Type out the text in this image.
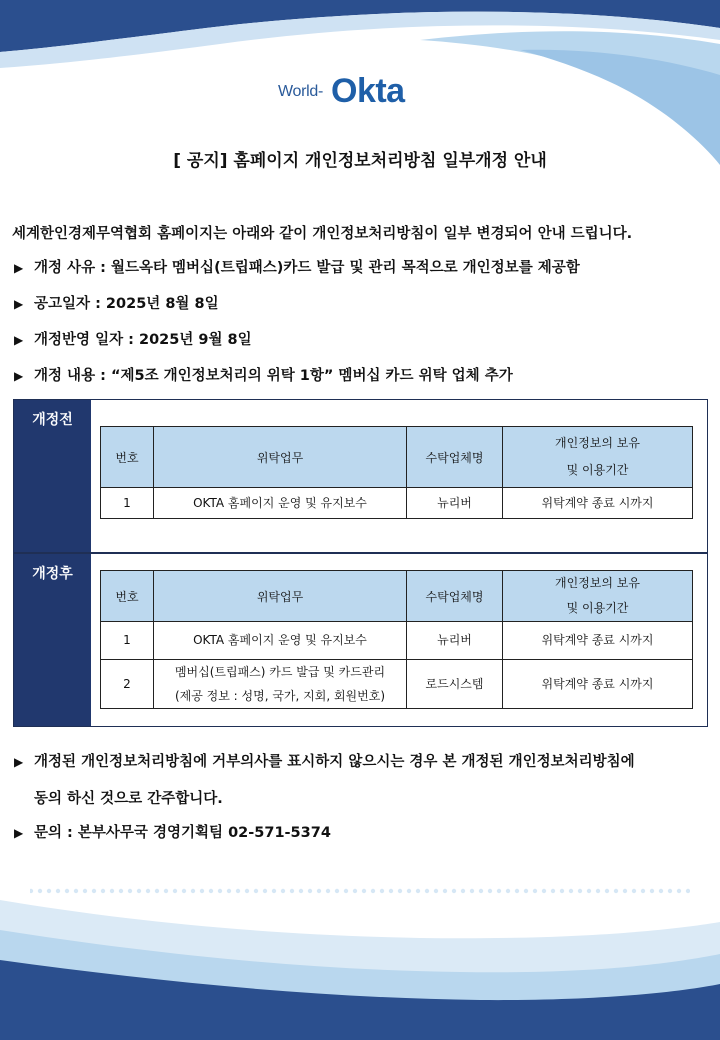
World- Okta
[ 공지] 홈페이지 개인정보처리방침 일부개정 안내
세계한인경제무역협회 홈페이지는 아래와 같이 개인정보처리방침이 일부 변경되어 안내 드립니다.
▶ 개정 사유 : 월드옥타 멤버십(트립패스)카드 발급 및 관리 목적으로 개인정보를 제공함
▶ 공고일자 : 2025년 8월 8일
▶ 개정반영 일자 : 2025년 9월 8일
▶ 개정 내용 : “제5조 개인정보처리의 위탁 1항” 멤버십 카드 위탁 업체 추가
개정전
번호	위탁업무	수탁업체명	개인정보의 보유
및 이용기간

1	OKTA 홈페이지 운영 및 유지보수	뉴리버	위탁계약 종료 시까지
개정후
번호	위탁업무	수탁업체명	개인정보의 보유
및 이용기간

1	OKTA 홈페이지 운영 및 유지보수	뉴리버	위탁계약 종료 시까지
2	멤버십(트립패스) 카드 발급 및 카드관리
(제공 정보 : 성명, 국가, 지회, 회원번호)	로드시스템	위탁계약 종료 시까지
▶ 개정된 개인정보처리방침에 거부의사를 표시하지 않으시는 경우 본 개정된 개인정보처리방침에
동의 하신 것으로 간주합니다.
▶ 문의 : 본부사무국 경영기획팀 02-571-5374
